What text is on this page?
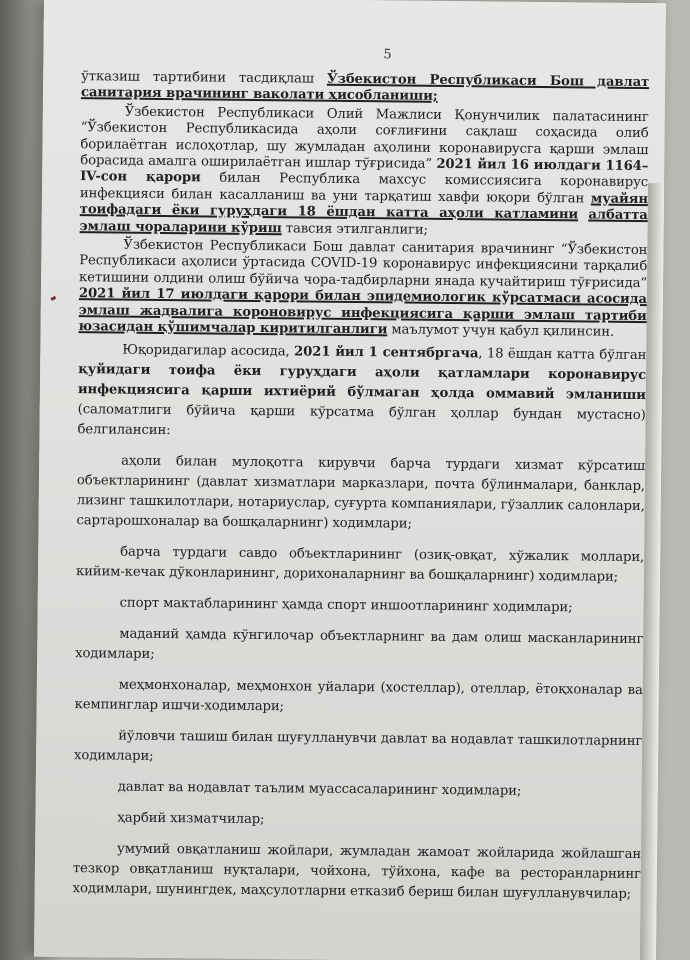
5

ўтказиш тартибини тасдиқлаш Ўзбекистон Республикаси Бош давлат санитария врачининг ваколати ҳисобланиши;

Ўзбекистон Республикаси Олий Мажлиси Қонунчилик палатасининг “Ўзбекистон Республикасида аҳоли соғлиғини сақлаш соҳасида олиб борилаётган ислоҳотлар, шу жумладан аҳолини коронавирусга қарши эмлаш борасида амалга оширилаётган ишлар тўғрисида” 2021 йил 16 июлдаги 1164–IV-сон қарори билан Республика махсус комиссиясига коронавирус инфекцияси билан касалланиш ва уни тарқатиш хавфи юқори бўлган муайян тоифадаги ёки гуруҳдаги 18 ёшдан катта аҳоли катламини албатта эмлаш чораларини кўриш тавсия этилганлиги;

Ўзбекистон Республикаси Бош давлат санитария врачининг “Ўзбекистон Республикаси аҳолиси ўртасида COVID-19 коронавирус инфекциясини тарқалиб кетишини олдини олиш бўйича чора-тадбирларни янада кучайтириш тўғрисида” 2021 йил 17 июлдаги қарори билан эпидемиологик кўрсатмаси асосида эмлаш жадвалига короновирус инфекциясига қарши эмлаш тартиби юзасидан қўшимчалар киритилганлиги маълумот учун қабул қилинсин.

Юқоридагилар асосида, 2021 йил 1 сентябргача, 18 ёшдан катта бўлган қуйидаги тоифа ёки гуруҳдаги аҳоли қатламлари коронавирус инфекциясига қарши ихтиёрий бўлмаган ҳолда оммавий эмланиши (саломатлиги бўйича қарши кўрсатма бўлган ҳоллар бундан мустасно) белгилансин:

аҳоли билан мулоқотга кирувчи барча турдаги хизмат кўрсатиш объектларининг (давлат хизматлари марказлари, почта бўлинмалари, банклар, лизинг ташкилотлари, нотариуслар, суғурта компаниялари, гўзаллик салонлари, сартарошхоналар ва бошқаларнинг) ходимлари;

барча турдаги савдо объектларининг (озиқ-овқат, хўжалик моллари, кийим-кечак дўконларининг, дорихоналарнинг ва бошқаларнинг) ходимлари;

спорт мактабларининг ҳамда спорт иншоотларининг ходимлари;

маданий ҳамда кўнгилочар объектларнинг ва дам олиш масканларининг ходимлари;

меҳмонхоналар, меҳмонхон уйалари (хостеллар), отеллар, ётоқхоналар ва кемпинглар ишчи-ходимлари;

йўловчи ташиш билан шуғулланувчи давлат ва нодавлат ташкилотларнинг ходимлари;

давлат ва нодавлат таълим муассасаларининг ходимлари;

ҳарбий хизматчилар;

умумий овқатланиш жойлари, жумладан жамоат жойларида жойлашган тезкор овқатланиш нуқталари, чойхона, тўйхона, кафе ва ресторанларнинг ходимлари, шунингдек, маҳсулотларни етказиб бериш билан шуғулланувчилар;
